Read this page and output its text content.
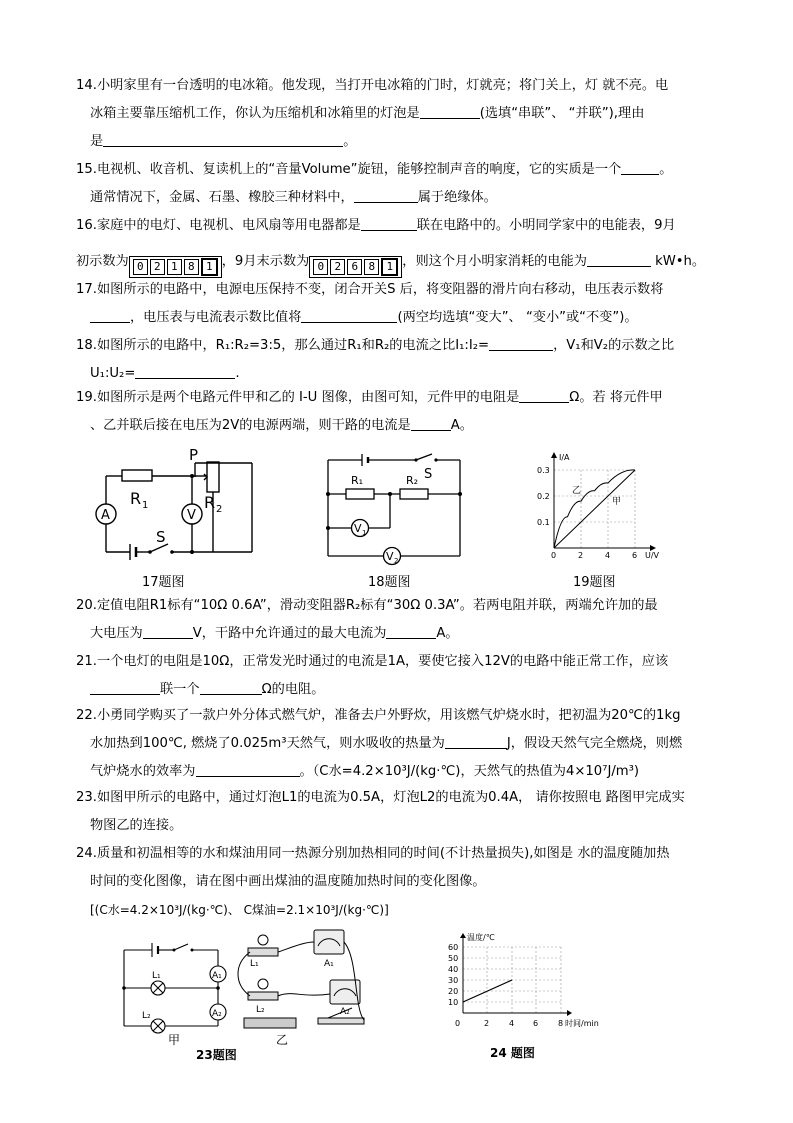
14.小明家里有一台透明的电冰箱。他发现，当打开电冰箱的门时，灯就亮；将门关上，灯 就不亮。电
冰箱主要靠压缩机工作，你认为压缩机和冰箱里的灯泡是	(选填“串联”、 “并联”),理由
是	。
15.电视机、收音机、复读机上的“音量Volume”旋钮，能够控制声音的响度，它的实质是一个	。
通常情况下，金属、石墨、橡胶三种材料中，	属于绝缘体。
16.家庭中的电灯、电视机、电风扇等用电器都是	联在电路中的。小明同学家中的电能表，9月
初示数为 0 2 1 8 1 ，9月末示数为 0 2 6 8 1 ，则这个月小明家消耗的电能为	kW•h。
17.如图所示的电路中，电源电压保持不变，闭合开关S 后，将变阻器的滑片向右移动，电压表示数将
，电压表与电流表示数比值将	(两空均选填“变大”、 “变小”或“不变”)。
18.如图所示的电路中，R₁:R₂=3:5，那么通过R₁和R₂的电流之比I₁:I₂=	，V₁和V₂的示数之比
U₁:U₂=	.
19.如图所示是两个电路元件甲和乙的 I-U 图像，由图可知，元件甲的电阻是	Ω。若 将元件甲
、乙并联后接在电压为2V的电源两端，则干路的电流是	A。
A	V
R 1	R 2
P
S
17题图
S
R₁	R₂
V 1
V 2
18题图
I/A
U/V
0.3
0.2
0.1
0	2	4	6
乙
甲
19题图
20.定值电阻R1标有“10Ω 0.6A”，滑动变阻器R₂标有“30Ω 0.3A”。若两电阻并联，两端允许加的最
大电压为	V，干路中允许通过的最大电流为	A。
21.一个电灯的电阻是10Ω，正常发光时通过的电流是1A，要使它接入12V的电路中能正常工作，应该
联一个	Ω的电阻。
22.小勇同学购买了一款户外分体式燃气炉，准备去户外野炊，用该燃气炉烧水时，把初温为20℃的1kg
水加热到100℃, 燃烧了0.025m³天然气，则水吸收的热量为	J，假设天然气完全燃烧，则燃
气炉烧水的效率为	。（C水=4.2×10³J/(kg·℃)，天然气的热值为4×10⁷J/m³)
23.如图甲所示的电路中，通过灯泡L1的电流为0.5A，灯泡L2的电流为0.4A， 请你按照电 路图甲完成实
物图乙的连接。
24.质量和初温相等的水和煤油用同一热源分别加热相同的时间(不计热量损失),如图是 水的温度随加热
时间的变化图像，请在图中画出煤油的温度随加热时间的变化图像。
[(C水=4.2×10³J/(kg·℃)、 C煤油=2.1×10³J/(kg·℃)]
L₁
L₂
A₁
A₂
甲
L₁
L₂
A₁
A₂
乙
23题图
温度/℃
时间/min
60
50
40
30
20
10
0	2 4 6 8
24 题图
